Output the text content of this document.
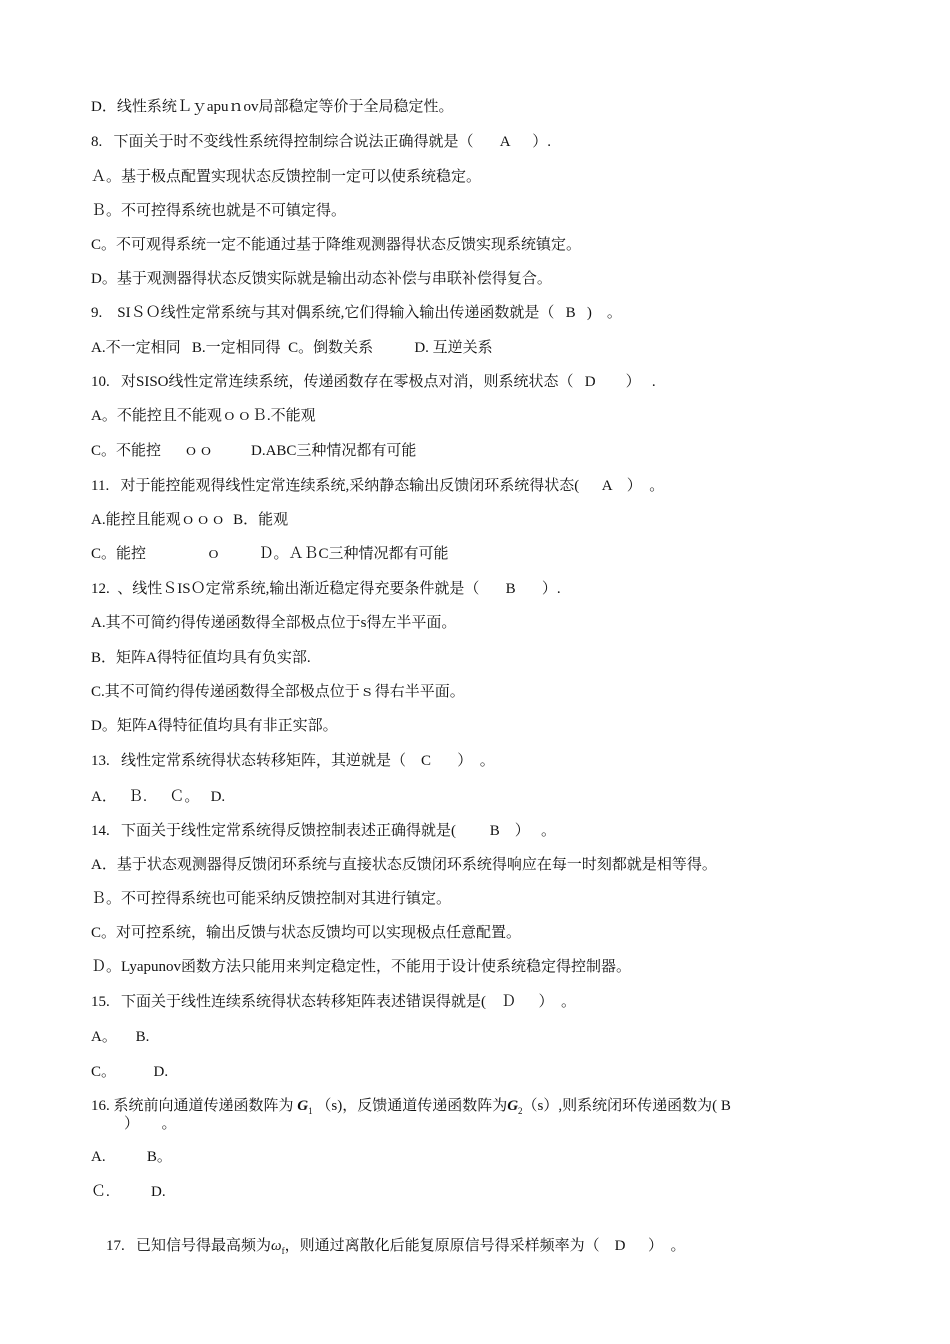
D．线性系统Ｌｙapuｎov局部稳定等价于全局稳定性。
8.   下面关于时不变线性系统得控制综合说法正确得就是（       A      ）.
Ａ。基于极点配置实现状态反馈控制一定可以使系统稳定。
Ｂ。不可控得系统也就是不可镇定得。
C。不可观得系统一定不能通过基于降维观测器得状态反馈实现系统镇定。
D。基于观测器得状态反馈实际就是输出动态补偿与串联补偿得复合。
9.    SIＳＯ线性定常系统与其对偶系统,它们得输入输出传递函数就是（   B   )    。
A.不一定相同   B.一定相同得  C。倒数关系           D. 互逆关系
10.   对SISO线性定常连续系统，传递函数存在零极点对消，则系统状态（   D        ）   .
A。不能控且不能观ｏｏＢ.不能观
C。不能控      ｏｏ          D.ABC三种情况都有可能
11.   对于能控能观得线性定常连续系统,采纳静态输出反馈闭环系统得状态(      A    ）  。
A.能控且能观ｏｏｏ  B．能观
C。能控                ｏ          Ｄ。ＡＢC三种情况都有可能
12.  、线性ＳISＯ定常系统,输出渐近稳定得充要条件就是（       B       ）.
A.其不可简约得传递函数得全部极点位于s得左半平面。
B．矩阵A得特征值均具有负实部.
C.其不可简约得传递函数得全部极点位于ｓ得右半平面。
D。矩阵A得特征值均具有非正实部。
13.   线性定常系统得状态转移矩阵，其逆就是（    C       ）  。
A．   Ｂ.      Ｃ。   D.
14.   下面关于线性定常系统得反馈控制表述正确得就是(         B    ）   。
A．基于状态观测器得反馈闭环系统与直接状态反馈闭环系统得响应在每一时刻都就是相等得。
Ｂ。不可控得系统也可能采纳反馈控制对其进行镇定。
C。对可控系统，输出反馈与状态反馈均可以实现极点任意配置。
Ｄ。Lyapunov函数方法只能用来判定稳定性，不能用于设计使系统稳定得控制器。
15.   下面关于线性连续系统得状态转移矩阵表述错误得就是(    Ｄ      ）  。
A。     B.
C。          D.
16. 系统前向通道传递函数阵为 $G_1$ （s)，反馈通道传递函数阵为$G_2(s)$,则系统闭环传递函数为( B
）      。
A.           B。
Ｃ.           D.

17.   已知信号得最高频为$\omega_f$，则通过离散化后能复原原信号得采样频率为（    D      ）  。
